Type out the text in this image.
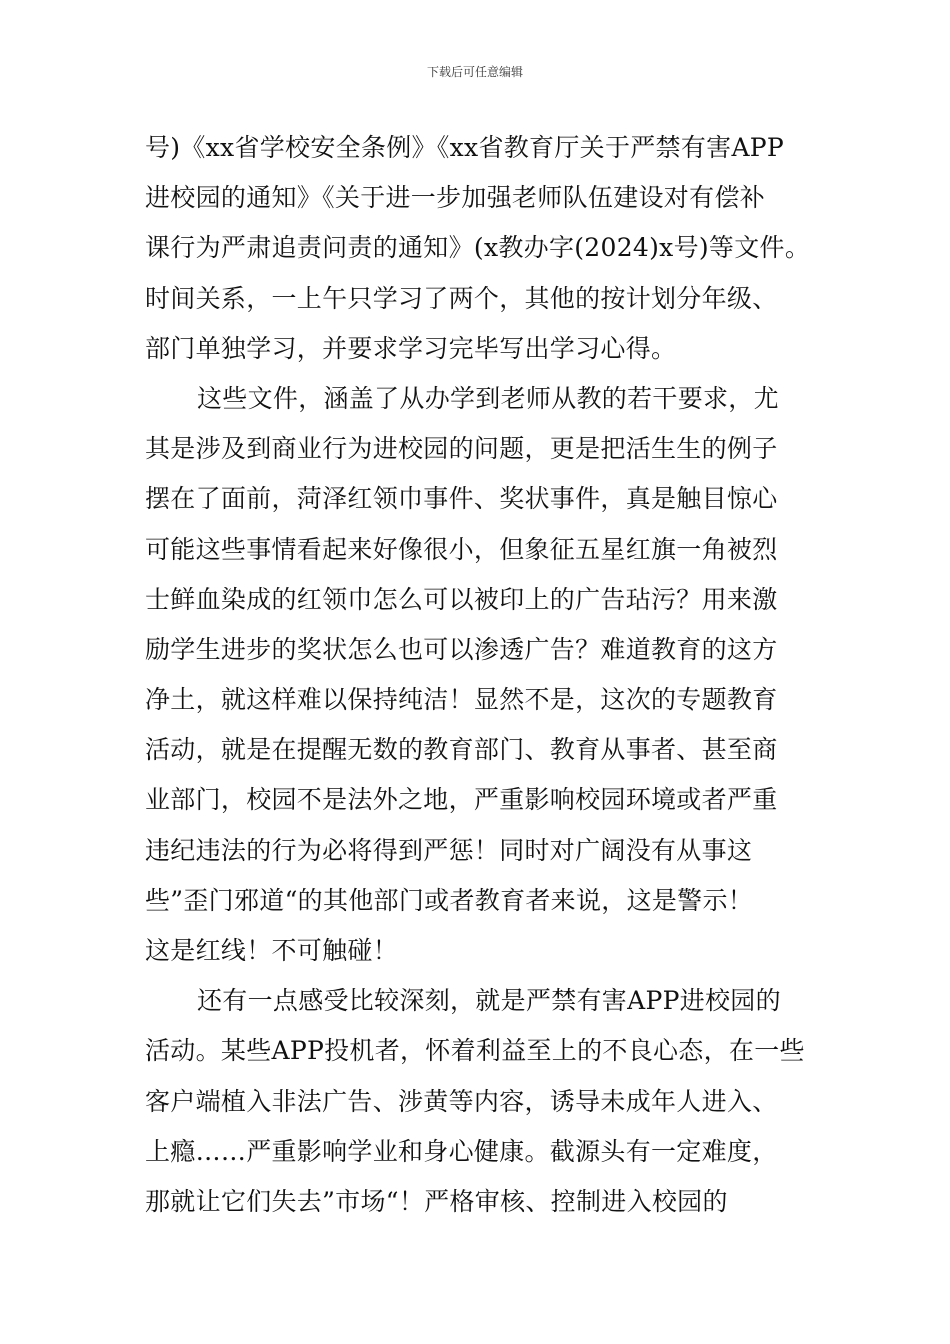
下载后可任意编辑
号)《xx省学校安全条例》《xx省教育厅关于严禁有害APP
进校园的通知》《关于进一步加强老师队伍建设对有偿补
课行为严肃追责问责的通知》(x教办字(2024)x号)等文件。
时间关系，一上午只学习了两个，其他的按计划分年级、
部门单独学习，并要求学习完毕写出学习心得。
这些文件，涵盖了从办学到老师从教的若干要求，尤
其是涉及到商业行为进校园的问题，更是把活生生的例子
摆在了面前，菏泽红领巾事件、奖状事件，真是触目惊心
可能这些事情看起来好像很小，但象征五星红旗一角被烈
士鲜血染成的红领巾怎么可以被印上的广告玷污？用来激
励学生进步的奖状怎么也可以渗透广告？难道教育的这方
净土，就这样难以保持纯洁！显然不是，这次的专题教育
活动，就是在提醒无数的教育部门、教育从事者、甚至商
业部门，校园不是法外之地，严重影响校园环境或者严重
违纪违法的行为必将得到严惩！同时对广阔没有从事这
些”歪门邪道“的其他部门或者教育者来说，这是警示！
这是红线！不可触碰！
还有一点感受比较深刻，就是严禁有害APP进校园的
活动。某些APP投机者，怀着利益至上的不良心态，在一些
客户端植入非法广告、涉黄等内容，诱导未成年人进入、
上瘾……严重影响学业和身心健康。截源头有一定难度，
那就让它们失去”市场“！严格审核、控制进入校园的
